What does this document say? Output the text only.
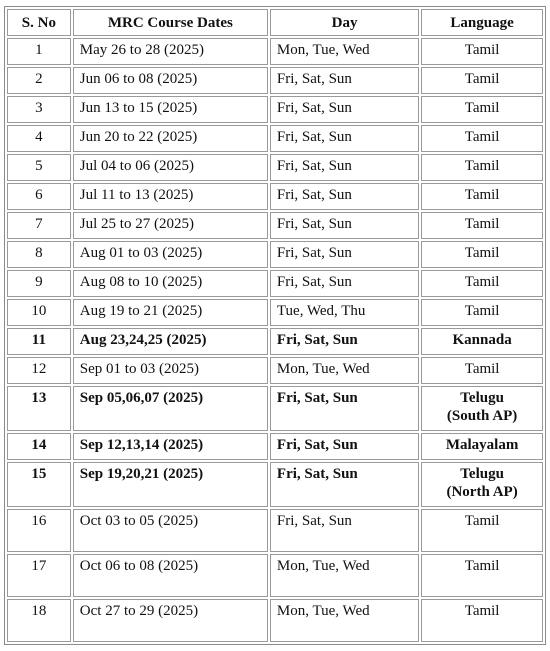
S. No	MRC Course Dates	Day	Language
1	May 26 to 28 (2025)	Mon, Tue, Wed	Tamil
2	Jun 06 to 08 (2025)	Fri, Sat, Sun	Tamil
3	Jun 13 to 15 (2025)	Fri, Sat, Sun	Tamil
4	Jun 20 to 22 (2025)	Fri, Sat, Sun	Tamil
5	Jul 04 to 06 (2025)	Fri, Sat, Sun	Tamil
6	Jul 11 to 13 (2025)	Fri, Sat, Sun	Tamil
7	Jul 25 to 27 (2025)	Fri, Sat, Sun	Tamil
8	Aug 01 to 03 (2025)	Fri, Sat, Sun	Tamil
9	Aug 08 to 10 (2025)	Fri, Sat, Sun	Tamil
10	Aug 19 to 21 (2025)	Tue, Wed, Thu	Tamil
11	Aug 23,24,25 (2025)	Fri, Sat, Sun	Kannada
12	Sep 01 to 03 (2025)	Mon, Tue, Wed	Tamil
13	Sep 05,06,07 (2025)	Fri, Sat, Sun	Telugu
(South AP)
14	Sep 12,13,14 (2025)	Fri, Sat, Sun	Malayalam
15	Sep 19,20,21 (2025)	Fri, Sat, Sun	Telugu
(North AP)
16	Oct 03 to 05 (2025)	Fri, Sat, Sun	Tamil
17	Oct 06 to 08 (2025)	Mon, Tue, Wed	Tamil
18	Oct 27 to 29 (2025)	Mon, Tue, Wed	Tamil
